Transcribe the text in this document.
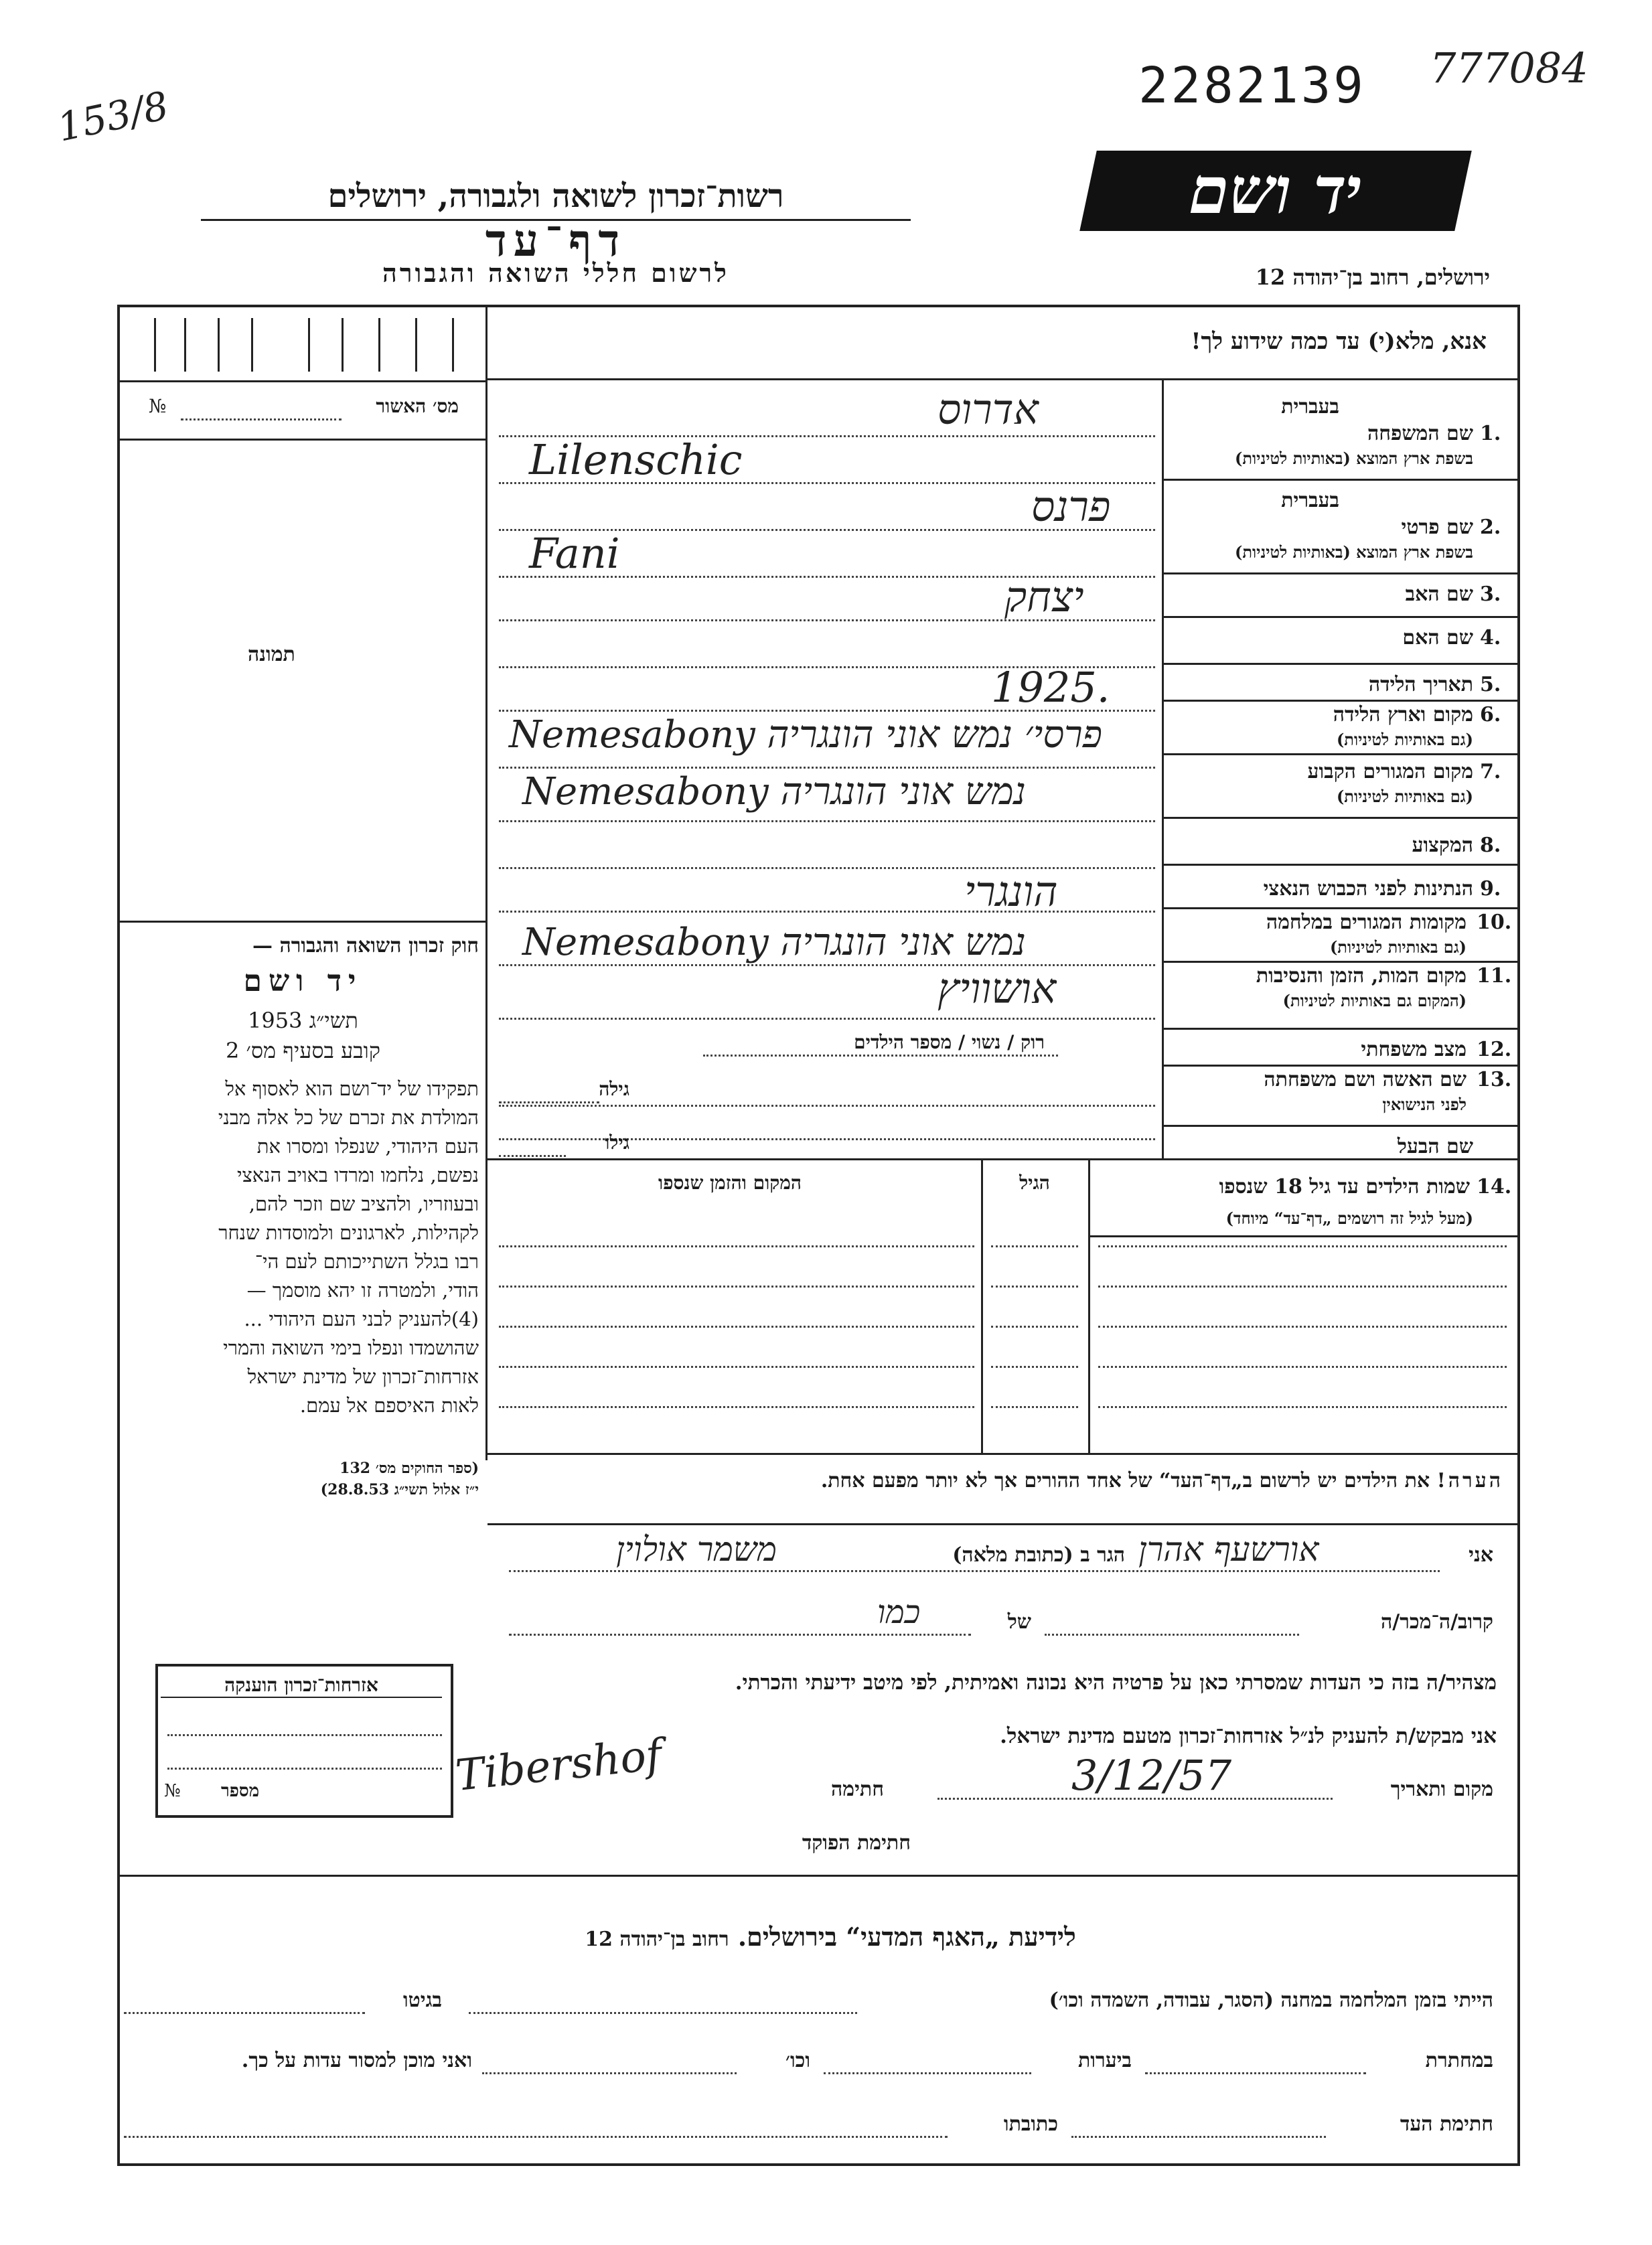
153/8	2282139 777084
רשות־זכרון לשואה ולגבורה, ירושלים
דף־עד
לרשום חללי השואה והגבורה
יד ושם
ירושלים, רחוב בן־יהודה 12
מס׳ האשור
№
תמונה
חוק זכרון השואה והגבורה —
יד ושם
תשי״ג 1953
קובע בסעיף מס׳ 2
תפקידו של יד־ושם הוא לאסוף אל
המולדת את זכרם של כל אלה מבני
העם היהודי, שנפלו ומסרו את
נפשם, נלחמו ומרדו באויב הנאצי
ובעוזריו, ולהציב שם וזכר להם,
לקהילות, לארגונים ולמוסדות שנחר
רבו בגלל השתייכותם לעם הי־
הודי, ולמטרה זו יהא מוסמך —
(4)להעניק לבני העם היהודי ...
שהושמדו ונפלו בימי השואה והמרי
אזרחות־זכרון של מדינת ישראל
לאות האיספם אל עמם.
(ספר החוקים מס׳ 132
י״ז אלול תשי״ג 28.8.53)
אזרחות־זכרון הוענקה
מספר
№
אנא, מלא(י) עד כמה שידוע לך!
בעברית
1.
שם המשפחה
בשפת ארץ המוצא (באותיות לטיניות)
בעברית
2.
שם פרטי
בשפת ארץ המוצא (באותיות לטיניות)
3.
שם האב
4.
שם האם
5.
תאריך הלידה
6.
מקום וארץ הלידה
(גם באותיות לטיניות)
7.
מקום המגורים הקבוע
(גם באותיות לטיניות)
8.
המקצוע
9.
הנתינות לפני הכבוש הנאצי
10.
מקומות המגורים במלחמה
(גם באותיות לטיניות)
11.
מקום המות, הזמן והנסיבות
(המקום גם באותיות לטיניות)
12.
מצב משפחתי
13.
שם האשה ושם משפחתה
לפני הנישואין
שם הבעל
אדרוס
Lilenschic
פרנס
Fani
יצחק
1925.
Nemesabony פרסי׳ נמש אוני הונגריה
Nemesabony נמש אוני הונגריה
הונגרי
Nemesabony נמש אוני הונגריה
אושוויץ
רוק / נשוי / מספר הילדים
גילה
גילו
14.
שמות הילדים עד גיל 18 שנספו
(מעל לגיל זה רושמים „דף־עד“ מיוחד)
הגיל
המקום והזמן שנספו
הערה! את הילדים יש לרשום ב„דף־העד“ של אחד ההורים אך לא יותר מפעם אחת.
אני
אורשעף אהרן
הגר ב (כתובת מלאה)
משמר אולוין
קרוב/ה־מכר/ה
של
כמו
מצהיר/ה בזה כי העדות שמסרתי כאן על פרטיה היא נכונה ואמיתית, לפי מיטב ידיעתי והכרתי.
אני מבקש/ת להעניק לנ״ל אזרחות־זכרון מטעם מדינת ישראל.
מקום ותאריך
3/12/57
חתימה
Tibershof
חתימת הפוקד
לידיעת „האגף המדעי“ בירושלים. רחוב בן־יהודה 12
הייתי בזמן המלחמה במחנה (הסגר, עבודה, השמדה וכו׳)
בגיטו
במחתרת
ביערות
וכו׳
ואני מוכן למסור עדות על כך.
חתימת העד
כתובתו
